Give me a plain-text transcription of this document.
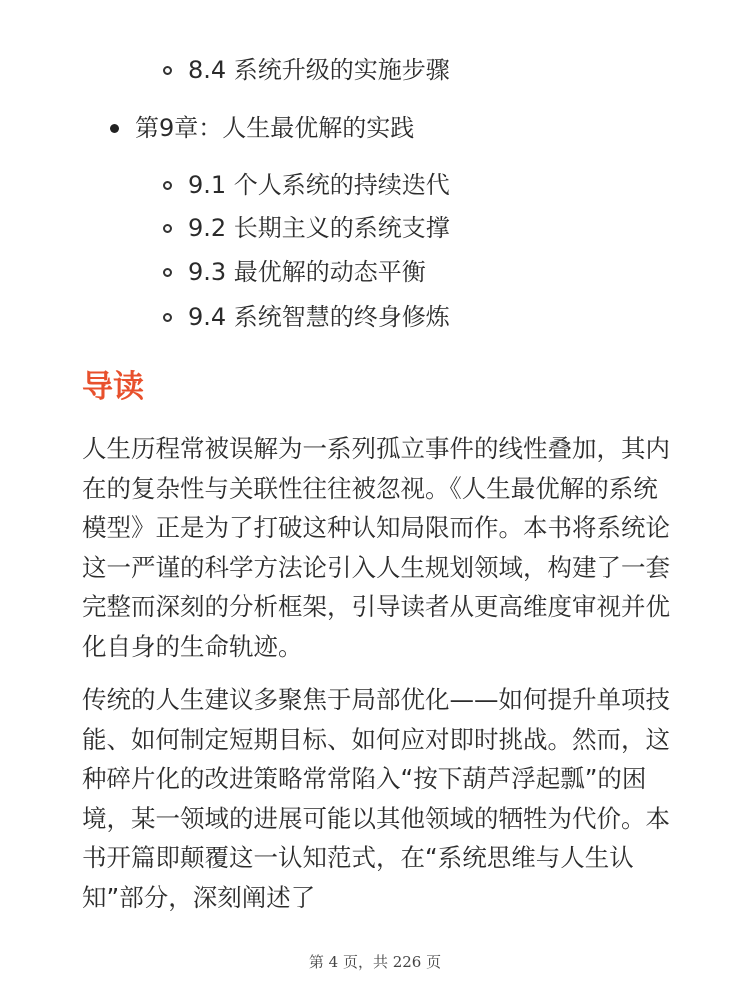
8.4 系统升级的实施步骤
第9章：人生最优解的实践
9.1 个人系统的持续迭代
9.2 长期主义的系统支撑
9.3 最优解的动态平衡
9.4 系统智慧的终身修炼
导读

人生历程常被误解为一系列孤立事件的线性叠加，其内在的复杂性与关联性往往被忽视。《人生最优解的系统模型》正是为了打破这种认知局限而作。本书将系统论这一严谨的科学方法论引入人生规划领域，构建了一套完整而深刻的分析框架，引导读者从更高维度审视并优化自身的生命轨迹。

传统的人生建议多聚焦于局部优化——如何提升单项技能、如何制定短期目标、如何应对即时挑战。然而，这种碎片化的改进策略常常陷入“按下葫芦浮起瓢”的困境，某一领域的进展可能以其他领域的牺牲为代价。本书开篇即颠覆这一认知范式，在“系统思维与人生认知”部分，深刻阐述了

第 4 页，共 226 页
